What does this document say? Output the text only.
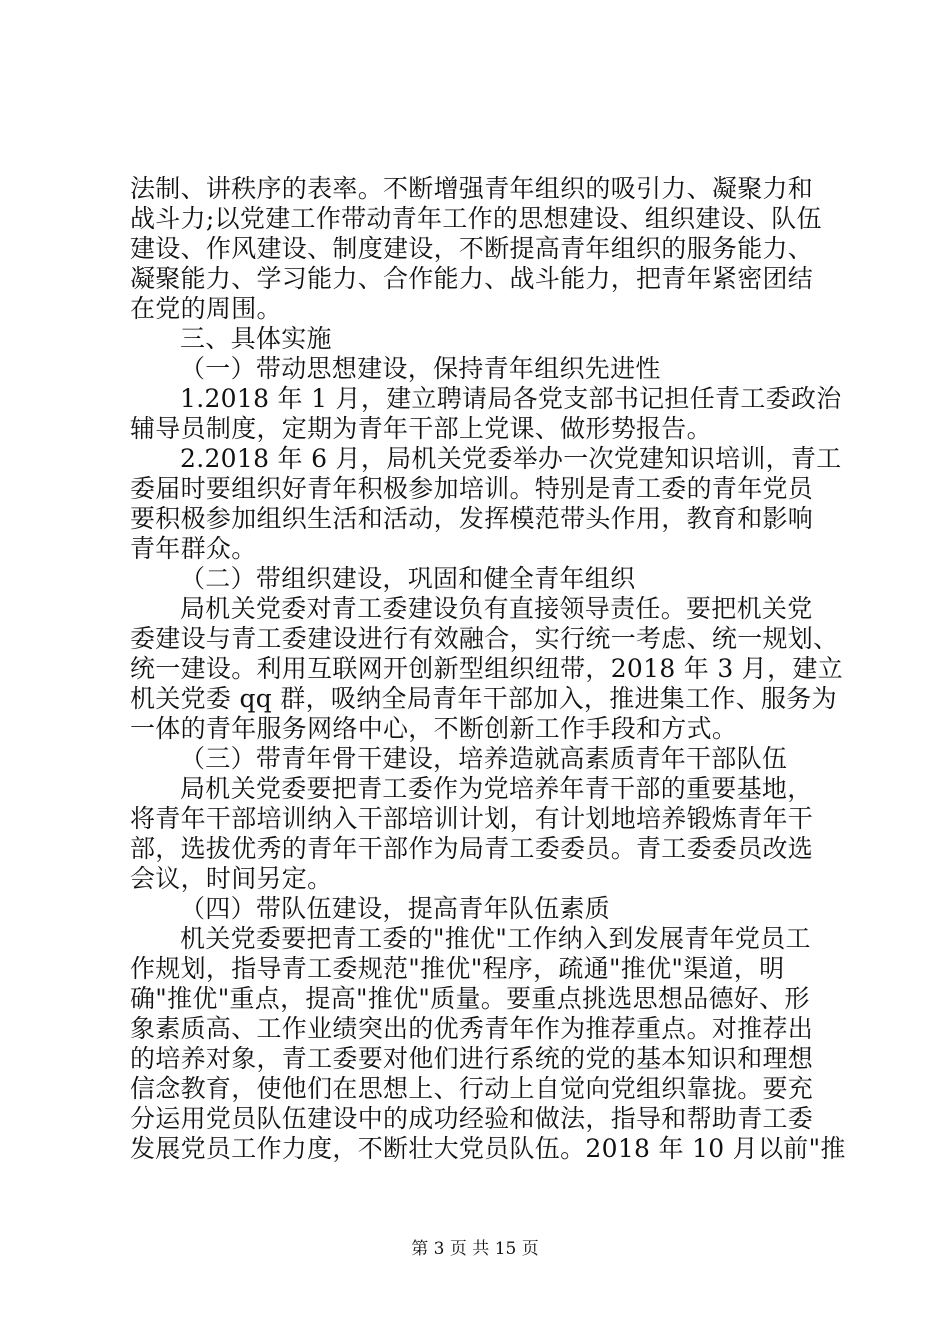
法制、讲秩序的表率。不断增强青年组织的吸引力、凝聚力和
战斗力;以党建工作带动青年工作的思想建设、组织建设、队伍
建设、作风建设、制度建设，不断提高青年组织的服务能力、
凝聚能力、学习能力、合作能力、战斗能力，把青年紧密团结
在党的周围。
三、具体实施
（一）带动思想建设，保持青年组织先进性
1.2018 年 1 月，建立聘请局各党支部书记担任青工委政治
辅导员制度，定期为青年干部上党课、做形势报告。
2.2018 年 6 月，局机关党委举办一次党建知识培训，青工
委届时要组织好青年积极参加培训。特别是青工委的青年党员
要积极参加组织生活和活动，发挥模范带头作用，教育和影响
青年群众。
（二）带组织建设，巩固和健全青年组织
局机关党委对青工委建设负有直接领导责任。要把机关党
委建设与青工委建设进行有效融合，实行统一考虑、统一规划、
统一建设。利用互联网开创新型组织纽带，2018 年 3 月，建立
机关党委 qq 群，吸纳全局青年干部加入，推进集工作、服务为
一体的青年服务网络中心，不断创新工作手段和方式。
（三）带青年骨干建设，培养造就高素质青年干部队伍
局机关党委要把青工委作为党培养年青干部的重要基地，
将青年干部培训纳入干部培训计划，有计划地培养锻炼青年干
部，选拔优秀的青年干部作为局青工委委员。青工委委员改选
会议，时间另定。
（四）带队伍建设，提高青年队伍素质
机关党委要把青工委的"推优"工作纳入到发展青年党员工
作规划，指导青工委规范"推优"程序，疏通"推优"渠道，明
确"推优"重点，提高"推优"质量。要重点挑选思想品德好、形
象素质高、工作业绩突出的优秀青年作为推荐重点。对推荐出
的培养对象，青工委要对他们进行系统的党的基本知识和理想
信念教育，使他们在思想上、行动上自觉向党组织靠拢。要充
分运用党员队伍建设中的成功经验和做法，指导和帮助青工委
发展党员工作力度，不断壮大党员队伍。2018 年 10 月以前"推
第 3 页 共 15 页
